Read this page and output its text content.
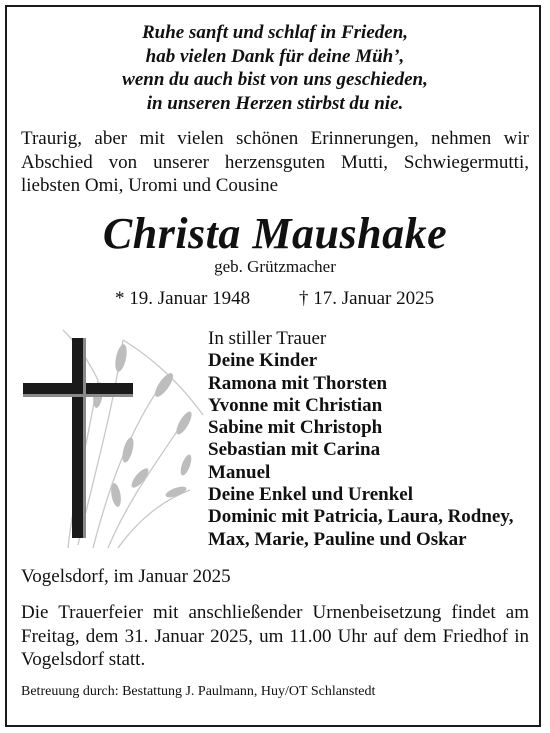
Ruhe sanft und schlaf in Frieden,
hab vielen Dank für deine Müh’,
wenn du auch bist von uns geschieden,
in unseren Herzen stirbst du nie.
Traurig, aber mit vielen schönen Erinnerungen, nehmen wir
Abschied von unserer herzensguten Mutti, Schwiegermutti,
liebsten Omi, Uromi und Cousine
Christa Maushake
geb. Grützmacher
* 19. Januar 1948	† 17. Januar 2025
In stiller Trauer
Deine Kinder
Ramona mit Thorsten
Yvonne mit Christian
Sabine mit Christoph
Sebastian mit Carina
Manuel
Deine Enkel und Urenkel
Dominic mit Patricia, Laura, Rodney,
Max, Marie, Pauline und Oskar
Vogelsdorf, im Januar 2025
Die Trauerfeier mit anschließender Urnenbeisetzung findet am
Freitag, dem 31. Januar 2025, um 11.00 Uhr auf dem Friedhof in
Vogelsdorf statt.
Betreuung durch: Bestattung J. Paulmann, Huy/OT Schlanstedt
